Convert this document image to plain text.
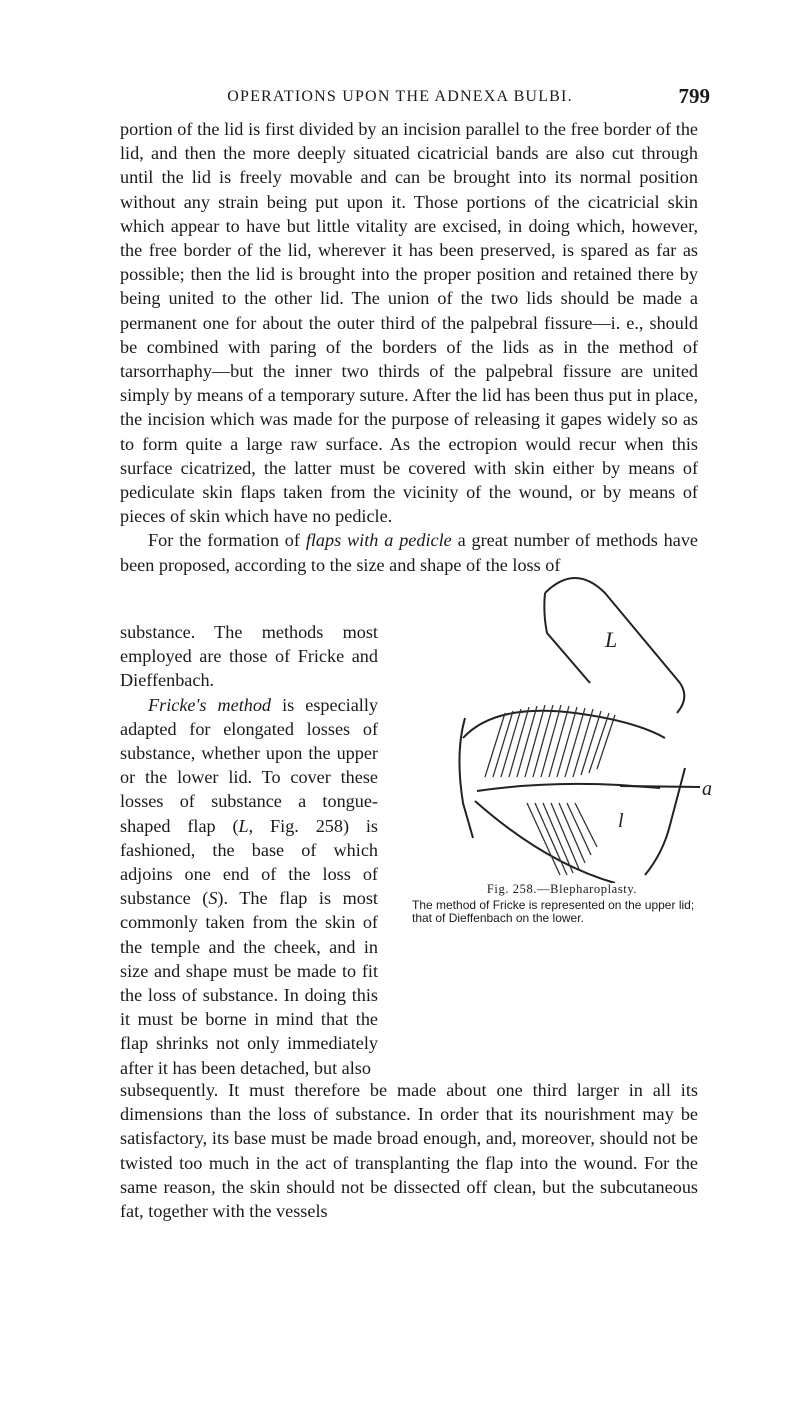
OPERATIONS UPON THE ADNEXA BULBI.	799

portion of the lid is first divided by an incision parallel to the free border of the lid, and then the more deeply situated cicatricial bands are also cut through until the lid is freely movable and can be brought into its normal position without any strain being put upon it. Those portions of the cicatricial skin which appear to have but little vitality are excised, in doing which, however, the free border of the lid, wherever it has been preserved, is spared as far as possible; then the lid is brought into the proper position and retained there by being united to the other lid. The union of the two lids should be made a permanent one for about the outer third of the palpebral fissure—i. e., should be combined with paring of the borders of the lids as in the method of tarsorrhaphy—but the inner two thirds of the palpebral fissure are united simply by means of a temporary suture. After the lid has been thus put in place, the incision which was made for the purpose of releasing it gapes widely so as to form quite a large raw surface. As the ectropion would recur when this surface cicatrized, the latter must be covered with skin either by means of pediculate skin flaps taken from the vicinity of the wound, or by means of pieces of skin which have no pedicle.

For the formation of flaps with a pedicle a great number of methods have been proposed, according to the size and shape of the loss of

substance. The methods most employed are those of Fricke and Dieffenbach.

Fricke's method is especially adapted for elongated losses of substance, whether upon the upper or the lower lid. To cover these losses of substance a tongue-shaped flap (L, Fig. 258) is fashioned, the base of which adjoins one end of the loss of substance (S). The flap is most commonly taken from the skin of the temple and the cheek, and in size and shape must be made to fit the loss of substance. In doing this it must be borne in mind that the flap shrinks not only immediately after it has been detached, but also

L
a
l
Fig. 258.—Blepharoplasty.
The method of Fricke is represented on the upper lid; that of Dieffenbach on the lower.

subsequently. It must therefore be made about one third larger in all its dimensions than the loss of substance. In order that its nourishment may be satisfactory, its base must be made broad enough, and, moreover, should not be twisted too much in the act of transplanting the flap into the wound. For the same reason, the skin should not be dissected off clean, but the subcutaneous fat, together with the vessels
